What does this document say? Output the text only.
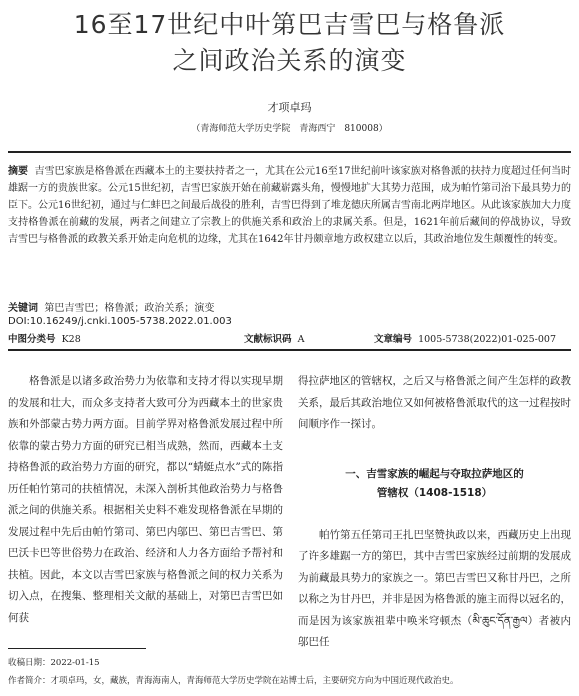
16至17世纪中叶第巴吉雪巴与格鲁派
之间政治关系的演变
才项卓玛
（青海师范大学历史学院　青海西宁　810008）
摘要 吉雪巴家族是格鲁派在西藏本土的主要扶持者之一，尤其在公元16至17世纪前叶该家族对格鲁派的扶持力度超过任何当时雄踞一方的贵族世家。公元15世纪初，吉雪巴家族开始在前藏崭露头角，慢慢地扩大其势力范围，成为帕竹第司治下最具势力的臣下。公元16世纪初，通过与仁蚌巴之间最后战役的胜利，吉雪巴得到了堆龙德庆所属吉雪南北两岸地区。从此该家族加大力度支持格鲁派在前藏的发展，两者之间建立了宗教上的供施关系和政治上的隶属关系。但是，1621年前后藏间的停战协议，导致吉雪巴与格鲁派的政教关系开始走向危机的边缘，尤其在1642年甘丹颇章地方政权建立以后，其政治地位发生颠覆性的转变。
关键词 第巴吉雪巴；格鲁派；政治关系；演变
DOI:10.16249/j.cnki.1005-5738.2022.01.003
中图分类号 K28	文献标识码 A	文章编号 1005-5738(2022)01-025-007

格鲁派是以诸多政治势力为依靠和支持才得以实现早期的发展和壮大，而众多支持者大致可分为西藏本土的世家贵族和外部蒙古势力两方面。目前学界对格鲁派发展过程中所依靠的蒙古势力方面的研究已相当成熟，然而，西藏本土支持格鲁派的政治势力方面的研究，都以“蜻蜓点水”式的陈指历任帕竹第司的扶植情况，未深入剖析其他政治势力与格鲁派之间的供施关系。根据相关史料不难发现格鲁派在早期的发展过程中先后由帕竹第司、第巴内邬巴、第巴吉雪巴、第巴沃卡巴等世俗势力在政治、经济和人力各方面给予帮衬和扶植。因此，本文以吉雪巴家族与格鲁派之间的权力关系为切入点，在搜集、整理相关文献的基础上，对第巴吉雪巴如何获

得拉萨地区的管辖权，之后又与格鲁派之间产生怎样的政教关系，最后其政治地位又如何被格鲁派取代的这一过程按时间顺序作一探讨。

一、吉雪家族的崛起与夺取拉萨地区的
管辖权（1408-1518）

帕竹第五任第司王扎巴坚赞执政以来，西藏历史上出现了许多雄踞一方的第巴，其中吉雪巴家族经过前期的发展成为前藏最具势力的家族之一。第巴吉雪巴又称甘丹巴，之所以称之为甘丹巴，并非是因为格鲁派的施主而得以冠名的，而是因为该家族祖辈中唤米穹顿杰（མི་ཆུང་དོན་རྒྱལ）者被内邬巴任

收稿日期：2022-01-15
作者简介：才项卓玛，女，藏族，青海海南人，青海师范大学历史学院在站博士后，主要研究方向为中国近现代政治史。
